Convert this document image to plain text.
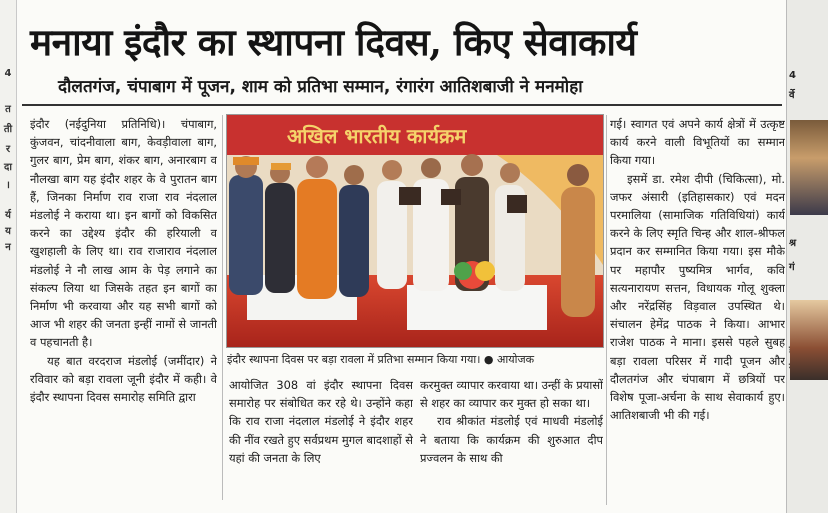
4
त
ती
र
दा
।
र्य
य
न
4
र्वे
श्र
गं
मनाया इंदौर का स्थापना दिवस, किए सेवाकार्य
दौलतगंज, चंपाबाग में पूजन, शाम को प्रतिभा सम्मान, रंगारंग आतिशबाजी ने मनमोहा

इंदौर (नईदुनिया प्रतिनिधि)। चंपाबाग, कुंजवन, चांदनीवाला बाग, केवड़ीवाला बाग, गुलर बाग, प्रेम बाग, शंकर बाग, अनारबाग व नौलखा बाग यह इंदौर शहर के वे पुरातन बाग हैं, जिनका निर्माण राव राजा राव नंदलाल मंडलोई ने कराया था। इन बागों को विकसित करने का उद्देश्य इंदौर की हरियाली व खुशहाली के लिए था। राव राजाराव नंदलाल मंडलोई ने नौ लाख आम के पेड़ लगाने का संकल्प लिया था जिसके तहत इन बागों का निर्माण भी करवाया और यह सभी बागों को आज भी शहर की जनता इन्हीं नामों से जानती व पहचानती है।

यह बात वरदराज मंडलोई (जमींदार) ने रविवार को बड़ा रावला जूनी इंदौर में कही। वे इंदौर स्थापना दिवस समारोह समिति द्वारा

अखिल भारतीय कार्यक्रम
इंदौर स्थापना दिवस पर बड़ा रावला में प्रतिभा सम्मान किया गया। ● आयोजक

आयोजित 308 वां इंदौर स्थापना दिवस समारोह पर संबोधित कर रहे थे। उन्होंने कहा कि राव राजा नंदलाल मंडलोई ने इंदौर शहर की नींव रखते हुए सर्वप्रथम मुगल बादशाहों से यहां की जनता के लिए

करमुक्त व्यापार करवाया था। उन्हीं के प्रयासों से शहर का व्यापार कर मुक्त हो सका था।

राव श्रीकांत मंडलोई एवं माधवी मंडलोई ने बताया कि कार्यक्रम की शुरुआत दीप प्रज्वलन के साथ की

गई। स्वागत एवं अपने कार्य क्षेत्रों में उत्कृष्ट कार्य करने वाली विभूतियों का सम्मान किया गया।

इसमें डा. रमेश दीपी (चिकित्सा), मो. जफर अंसारी (इतिहासकार) एवं मदन परमालिया (सामाजिक गतिविधियां) कार्य करने के लिए स्मृति चिन्ह और शाल-श्रीफल प्रदान कर सम्मानित किया गया। इस मौके पर महापौर पुष्यमित्र भार्गव, कवि सत्यनारायण सत्तन, विधायक गोलू शुक्ला और नरेंद्रसिंह विड़वाल उपस्थित थे। संचालन हेमेंद्र पाठक ने किया। आभार राजेश पाठक ने माना। इससे पहले सुबह बड़ा रावला परिसर में गादी पूजन और दौलतगंज और चंपाबाग में छत्रियों पर विशेष पूजा-अर्चना के साथ सेवाकार्य हुए। आतिशबाजी भी की गई।
